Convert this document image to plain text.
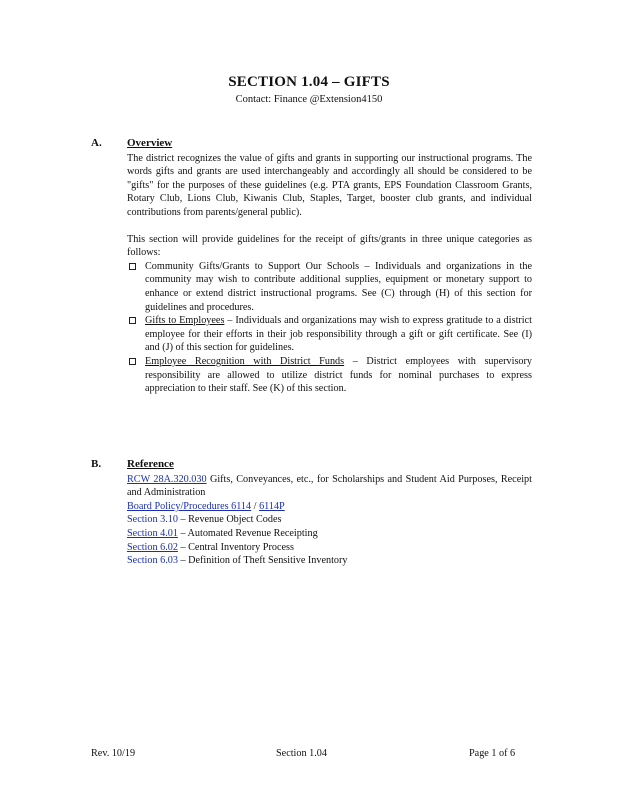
SECTION 1.04 – GIFTS
Contact: Finance @Extension4150
A. Overview

The district recognizes the value of gifts and grants in supporting our instructional programs. The words gifts and grants are used interchangeably and accordingly all should be considered to be "gifts" for the purposes of these guidelines (e.g. PTA grants, EPS Foundation Classroom Grants, Rotary Club, Lions Club, Kiwanis Club, Staples, Target, booster club grants, and individual contributions from parents/general public).

This section will provide guidelines for the receipt of gifts/grants in three unique categories as follows:

Community Gifts/Grants to Support Our Schools – Individuals and organizations in the community may wish to contribute additional supplies, equipment or monetary support to enhance or extend district instructional programs. See (C) through (H) of this section for guidelines and procedures.
Gifts to Employees – Individuals and organizations may wish to express gratitude to a district employee for their efforts in their job responsibility through a gift or gift certificate. See (I) and (J) of this section for guidelines.
Employee Recognition with District Funds – District employees with supervisory responsibility are allowed to utilize district funds for nominal purchases to express appreciation to their staff. See (K) of this section.
B. Reference

RCW 28A.320.030 Gifts, Conveyances, etc., for Scholarships and Student Aid Purposes, Receipt and Administration

Board Policy/Procedures 6114 / 6114P

Section 3.10 – Revenue Object Codes

Section 4.01 – Automated Revenue Receipting

Section 6.02 – Central Inventory Process

Section 6.03 – Definition of Theft Sensitive Inventory

Rev. 10/19	Section 1.04	Page 1 of 6
